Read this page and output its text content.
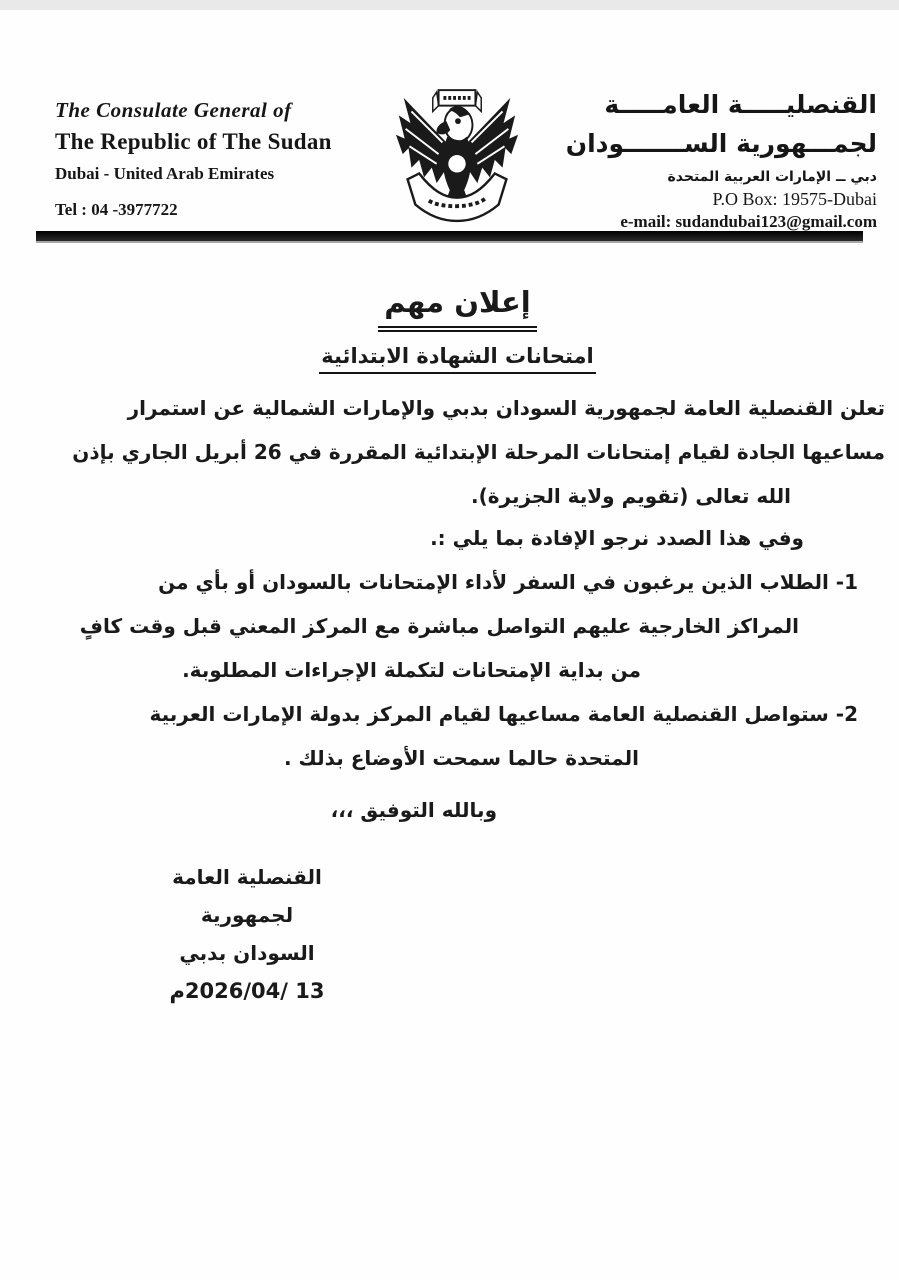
The Consulate General of
The Republic of The Sudan
Dubai - United Arab Emirates
Tel : 04 -3977722
القنصليـــــة العامـــــة
لجمـــهورية الســـــــودان
دبي ــ الإمارات العربية المتحدة
P.O Box: 19575-Dubai
e-mail: sudandubai123@gmail.com
إعلان مهم
امتحانات الشهادة الابتدائية

تعلن القنصلية العامة لجمهورية السودان بدبي والإمارات الشمالية عن استمرار

مساعيها الجادة لقيام إمتحانات المرحلة الإبتدائية المقررة في 26 أبريل الجاري بإذن

الله تعالى (تقويم ولاية الجزيرة).

وفي هذا الصدد نرجو الإفادة بما يلي :.

1- الطلاب الذين يرغبون في السفر لأداء الإمتحانات بالسودان أو بأي من

المراكز الخارجية عليهم التواصل مباشرة مع المركز المعني قبل وقت كافٍ

من بداية الإمتحانات لتكملة الإجراءات المطلوبة.

2- ستواصل القنصلية العامة مساعيها لقيام المركز بدولة الإمارات العربية

المتحدة حالما سمحت الأوضاع بذلك .

وبالله التوفيق ،،،

القنصلية العامة لجمهورية
السودان بدبي
2026/04/ 13م
